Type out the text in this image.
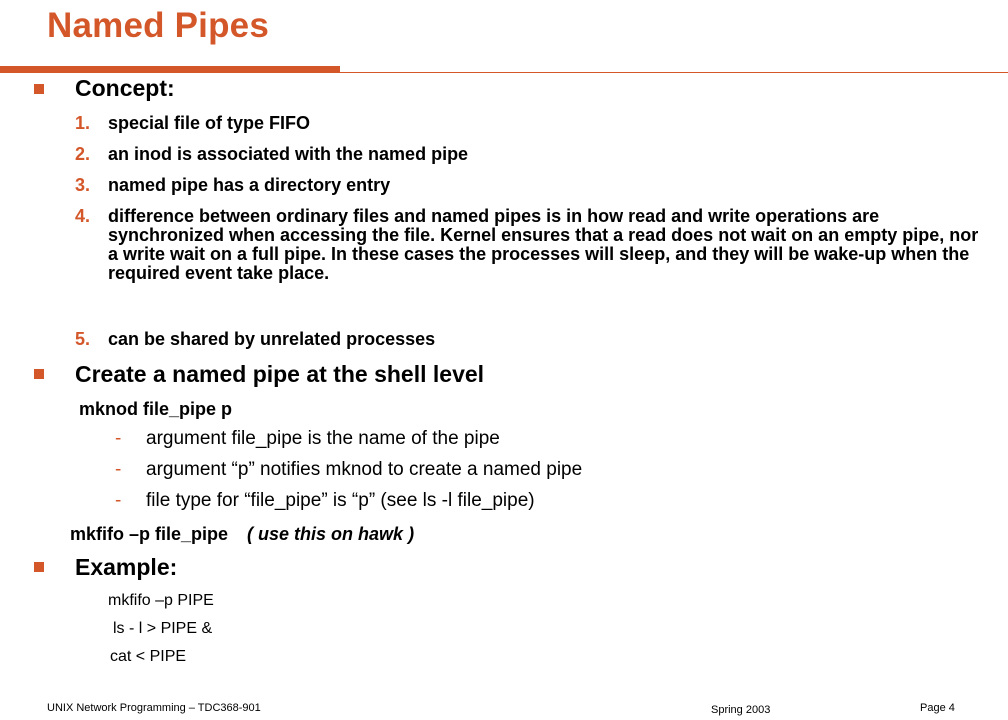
Named Pipes
Concept:
1. special file of type FIFO
2. an inod is associated with the named pipe
3. named pipe has a directory entry
4. difference between ordinary files and named pipes is in how read and write operations are synchronized when accessing the file. Kernel ensures that a read does not wait on an empty pipe, nor a write wait on a full pipe. In these cases the processes will sleep, and they will be wake-up when the required event take place.
5. can be shared by unrelated processes
Create a named pipe at the shell level
mknod file_pipe p
- argument file_pipe is the name of the pipe
- argument “p” notifies mknod to create a named pipe
- file type for “file_pipe” is “p” (see ls -l file_pipe)
mkfifo –p file_pipe ( use this on hawk )
Example:
mkfifo –p PIPE
ls - l > PIPE &
cat < PIPE
UNIX Network Programming – TDC368-901	Spring 2003	Page 4
